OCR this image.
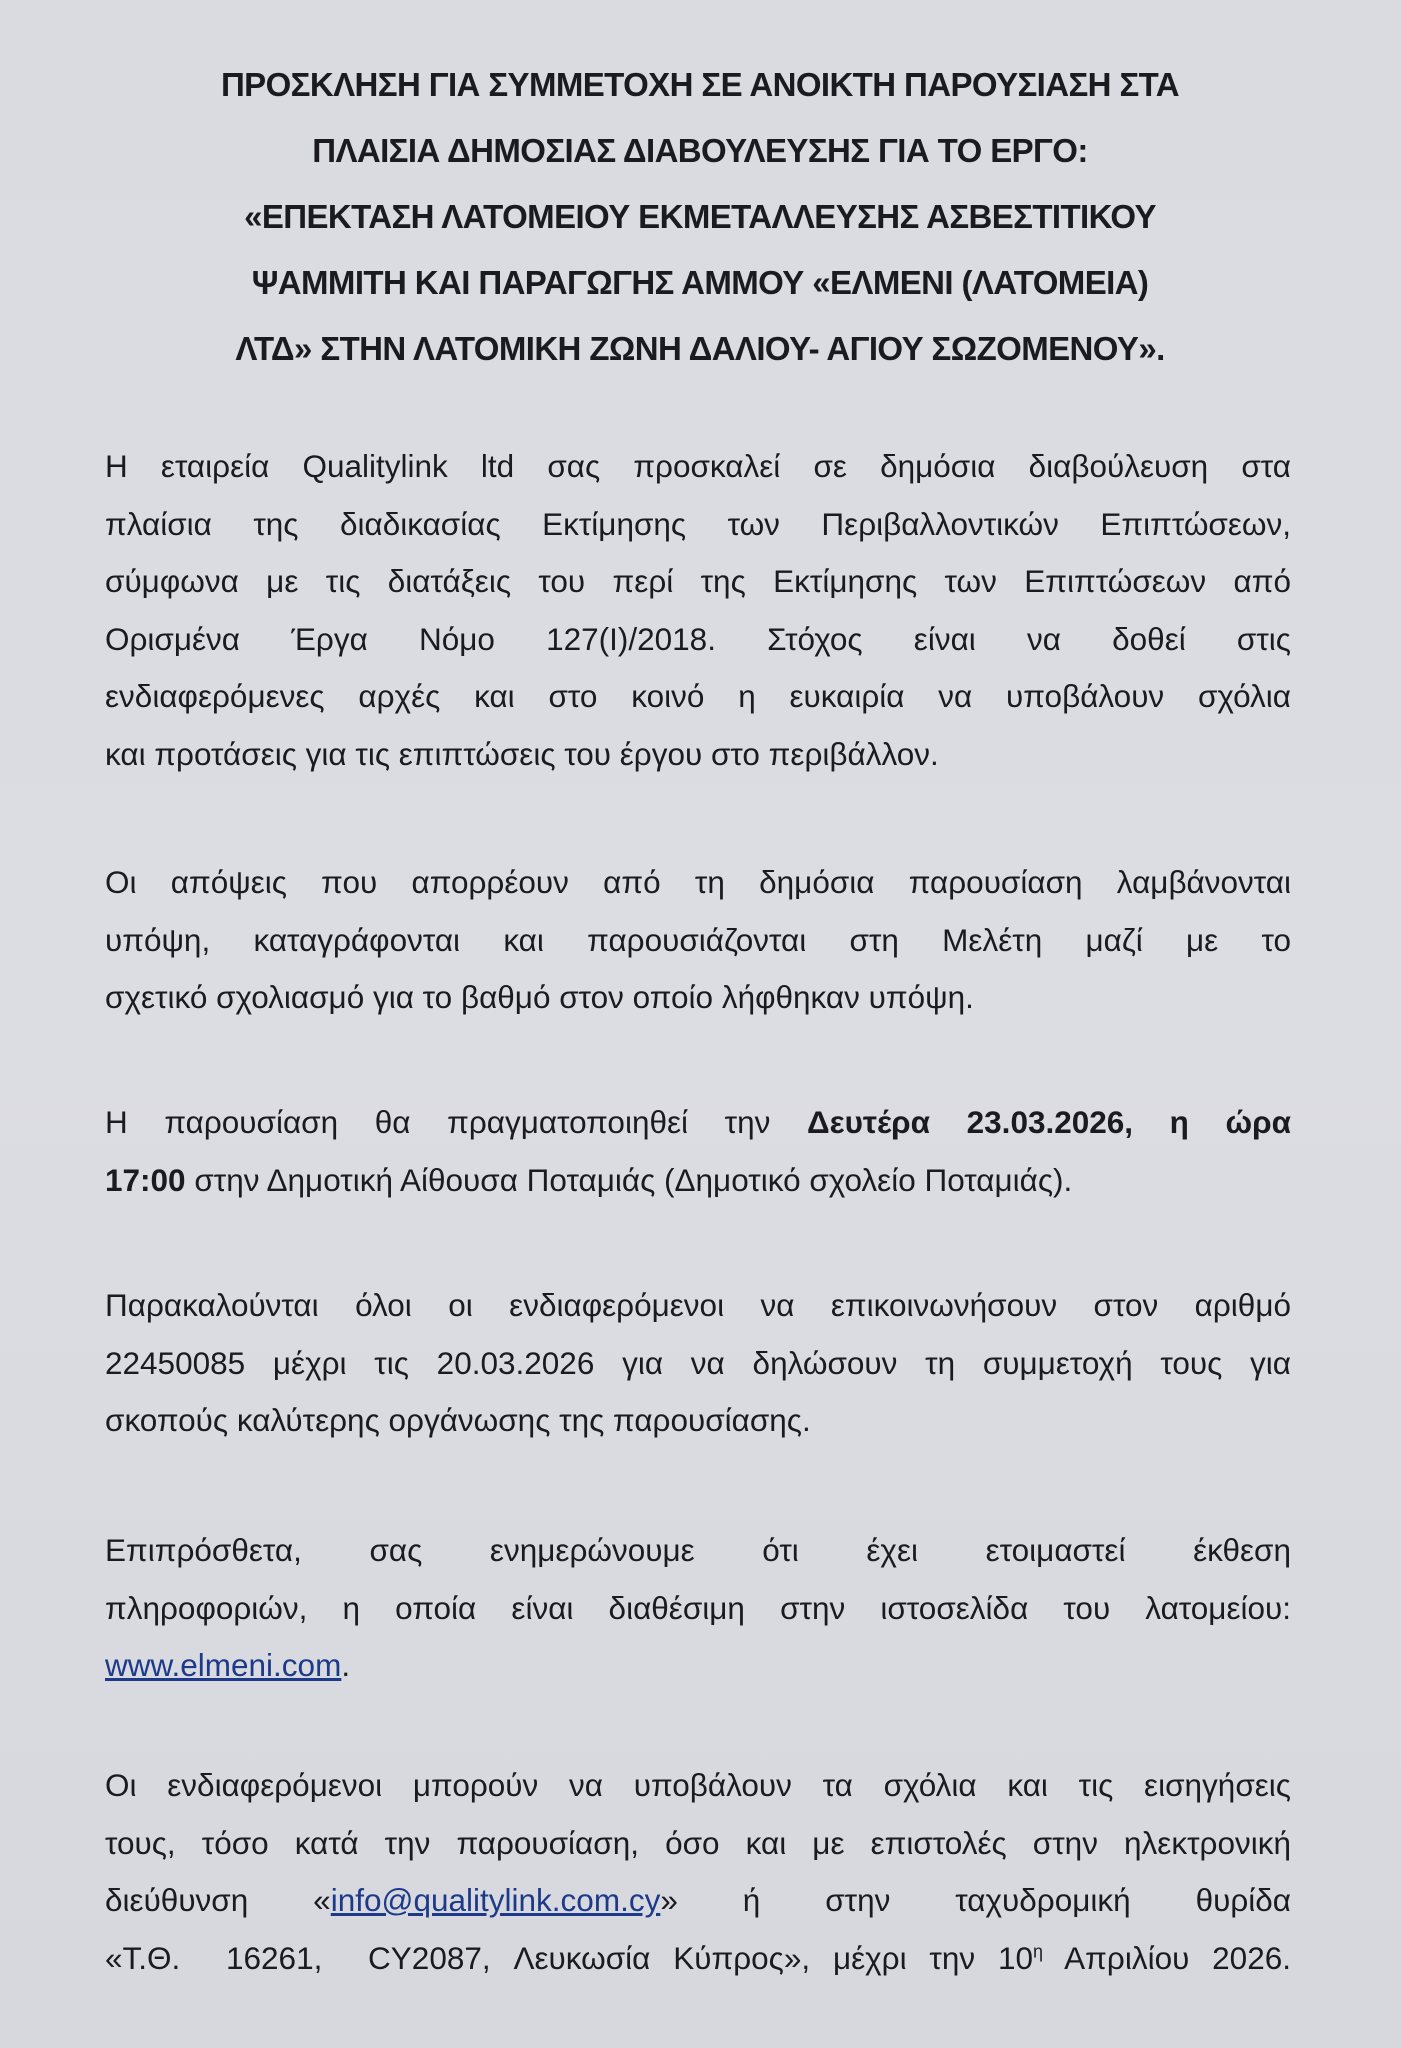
ΠΡΟΣΚΛΗΣΗ ΓΙΑ ΣΥΜΜΕΤΟΧΗ ΣΕ ΑΝΟΙΚΤΗ ΠΑΡΟΥΣΙΑΣΗ ΣΤΑ
ΠΛΑΙΣΙΑ ΔΗΜΟΣΙΑΣ ΔΙΑΒΟΥΛΕΥΣΗΣ ΓΙΑ ΤΟ ΕΡΓΟ:
«ΕΠΕΚΤΑΣΗ ΛΑΤΟΜΕΙΟΥ ΕΚΜΕΤΑΛΛΕΥΣΗΣ ΑΣΒΕΣΤΙΤΙΚΟΥ
ΨΑΜΜΙΤΗ ΚΑΙ ΠΑΡΑΓΩΓΗΣ ΑΜΜΟΥ «ΕΛΜΕΝΙ (ΛΑΤΟΜΕΙΑ)
ΛΤΔ» ΣΤΗΝ ΛΑΤΟΜΙΚΗ ΖΩΝΗ ΔΑΛΙΟΥ- ΑΓΙΟΥ ΣΩΖΟΜΕΝΟΥ».
Η εταιρεία Qualitylink ltd σας προσκαλεί σε δημόσια διαβούλευση στα
πλαίσια της διαδικασίας Εκτίμησης των Περιβαλλοντικών Επιπτώσεων,
σύμφωνα με τις διατάξεις του περί της Εκτίμησης των Επιπτώσεων από
Ορισμένα Έργα Νόμο 127(Ι)/2018. Στόχος είναι να δοθεί στις
ενδιαφερόμενες αρχές και στο κοινό η ευκαιρία να υποβάλουν σχόλια
και προτάσεις για τις επιπτώσεις του έργου στο περιβάλλον.
Οι απόψεις που απορρέουν από τη δημόσια παρουσίαση λαμβάνονται
υπόψη, καταγράφονται και παρουσιάζονται στη Μελέτη μαζί με το
σχετικό σχολιασμό για το βαθμό στον οποίο λήφθηκαν υπόψη.
Η παρουσίαση θα πραγματοποιηθεί την Δευτέρα 23.03.2026, η ώρα
17:00 στην Δημοτική Αίθουσα Ποταμιάς (Δημοτικό σχολείο Ποταμιάς).
Παρακαλούνται όλοι οι ενδιαφερόμενοι να επικοινωνήσουν στον αριθμό
22450085 μέχρι τις 20.03.2026 για να δηλώσουν τη συμμετοχή τους για
σκοπούς καλύτερης οργάνωσης της παρουσίασης.
Επιπρόσθετα, σας ενημερώνουμε ότι έχει ετοιμαστεί έκθεση
πληροφοριών, η οποία είναι διαθέσιμη στην ιστοσελίδα του λατομείου:
www.elmeni.com.
Οι ενδιαφερόμενοι μπορούν να υποβάλουν τα σχόλια και τις εισηγήσεις
τους, τόσο κατά την παρουσίαση, όσο και με επιστολές στην ηλεκτρονική
διεύθυνση «info@qualitylink.com.cy» ή στην ταχυδρομική θυρίδα
«Τ.Θ.  16261,  CY2087, Λευκωσία Κύπρος», μέχρι την $10^\eta$ Απριλίου 2026.
